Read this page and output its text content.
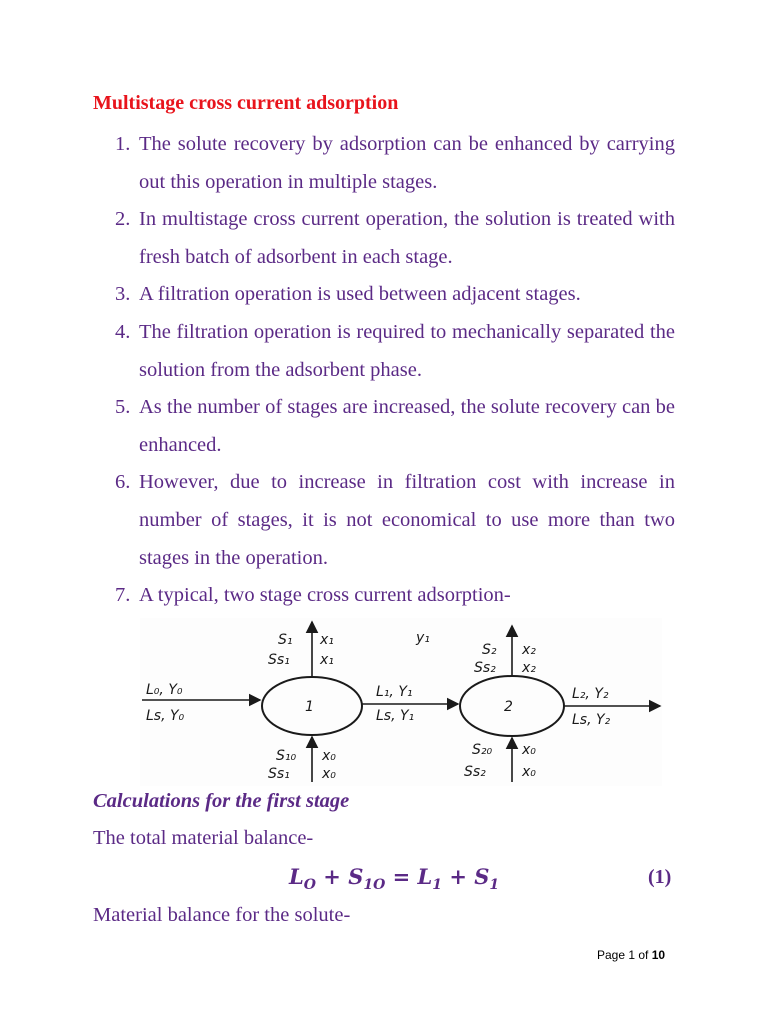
Multistage cross current adsorption
1. The solute recovery by adsorption can be enhanced by carrying out this operation in multiple stages.
2. In multistage cross current operation, the solution is treated with fresh batch of adsorbent in each stage.
3. A filtration operation is used between adjacent stages.
4. The filtration operation is required to mechanically separated the solution from the adsorbent phase.
5. As the number of stages are increased, the solute recovery can be enhanced.
6. However, due to increase in filtration cost with increase in number of stages, it is not economical to use more than two stages in the operation.
7. A typical, two stage cross current adsorption-
1	2
S₁ x₁
Ss₁ x₁
y₁
S₂ x₂
Ss₂ x₂
L₀, Y₀
Ls, Y₀
L₁, Y₁
Ls, Y₁
L₂, Y₂
Ls, Y₂
S₁₀ x₀
Ss₁ x₀
S₂₀ x₀
Ss₂	x₀
Calculations for the first stage

The total material balance-

$L_O + S_{1O} = L_1 + S_1$	(1)

Material balance for the solute-

Page 1 of 10
